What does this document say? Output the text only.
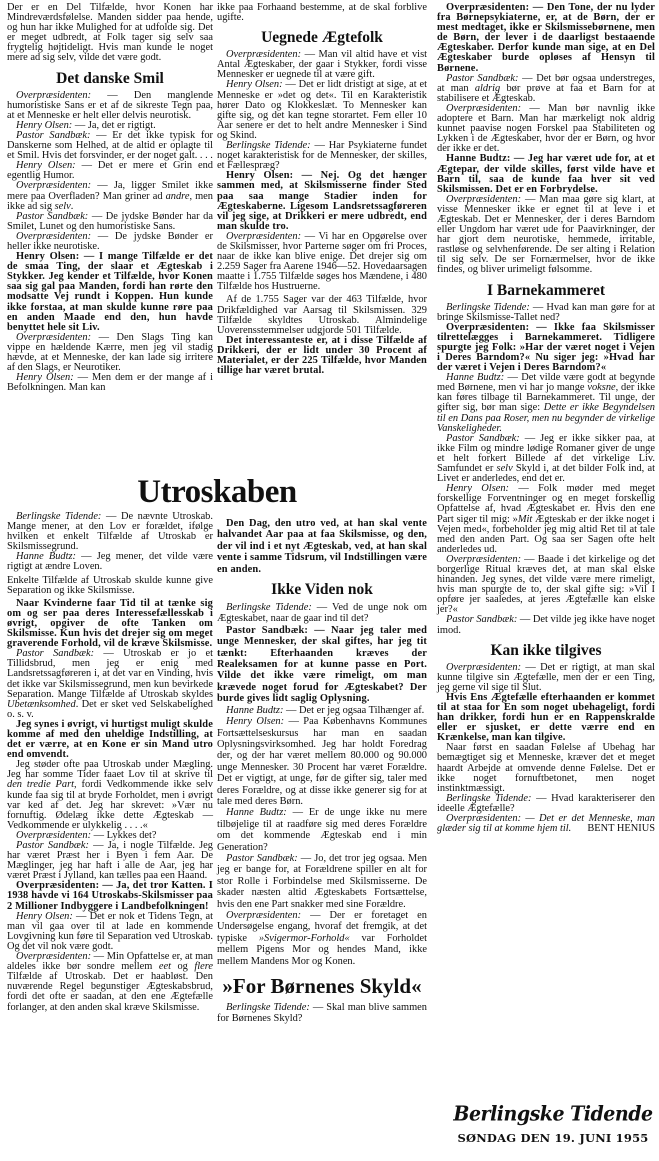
Der er en Del Tilfælde, hvor Konen har Mindreværdsfølelse. Manden sidder paa hende, og hun har ikke Mulighed for at udfolde sig. Det er meget udbredt, at Folk tager sig selv saa frygtelig højtideligt. Hvis man kunde le noget mere ad sig selv, vilde det være godt.

Det danske Smil

Overpræsidenten: — Den manglende humoristiske Sans er et af de sikreste Tegn paa, at et Menneske er helt eller delvis neurotisk.

Henry Olsen: — Ja, det er rigtigt.

Pastor Sandbæk: — Er det ikke typisk for Danskerne som Helhed, at de altid er oplagte til et Smil. Hvis det forsvinder, er der noget galt. . . .

Henry Olsen: — Det er mere et Grin end egentlig Humor.

Overpræsidenten: — Ja, ligger Smilet ikke mere paa Overfladen? Man griner ad andre, men ikke ad sig selv.

Pastor Sandbæk: — De jydske Bønder har da Smilet, Lunet og den humoristiske Sans.

Overpræsidenten: — De jydske Bønder er heller ikke neurotiske.

Henry Olsen: — I mange Tilfælde er det de smaa Ting, der slaar et Ægteskab i Stykker. Jeg kender et Tilfælde, hvor Konen saa sig gal paa Manden, fordi han rørte den modsatte Vej rundt i Koppen. Hun kunde ikke forstaa, at man skulde kunne røre paa en anden Maade end den, hun havde benyttet hele sit Liv.

Overpræsidenten: — Den Slags Ting kan vippe en hældende Kærre, men jeg vil stadig hævde, at et Menneske, der kan lade sig irritere af den Slags, er Neurotiker.

Henry Olsen: — Men dem er der mange af i Befolkningen. Man kan

ikke paa Forhaand bestemme, at de skal forblive ugifte.

Uegnede Ægtefolk

Overpræsidenten: — Man vil altid have et vist Antal Ægteskaber, der gaar i Stykker, fordi visse Mennesker er uegnede til at være gift.

Henry Olsen: — Det er lidt dristigt at sige, at et Menneske er »det og det«. Til en Karakteristik hører Dato og Klokkeslæt. To Mennesker kan gifte sig, og det kan tegne storartet. Fem eller 10 Aar senere er det to helt andre Mennesker i Sind og Skind.

Berlingske Tidende: — Har Psykiaterne fundet noget karakteristisk for de Mennesker, der skilles, et Fællespræg?

Henry Olsen: — Nej. Og det hænger sammen med, at Skilsmisserne finder Sted paa saa mange Stadier inden for Ægteskaberne. Ligesom Landsretssagføreren vil jeg sige, at Drikkeri er mere udbredt, end man skulde tro.

Overpræsidenten: — Vi har en Opgørelse over de Skilsmisser, hvor Parterne søger om fri Proces, naar de ikke kan blive enige. Det drejer sig om 2.259 Sager fra Aarene 1946—52. Hovedaarsagen maatte i 1.755 Tilfælde søges hos Mændene, i 480 Tilfælde hos Hustruerne.

Af de 1.755 Sager var der 463 Tilfælde, hvor Drikfældighed var Aarsag til Skilsmissen. 329 Tilfælde skyldtes Utroskab. Almindelige Uoverensstemmelser udgjorde 501 Tilfælde.

Det interessanteste er, at i disse Tilfælde af Drikkeri, der er lidt under 30 Procent af Materialet, er der 225 Tilfælde, hvor Manden tillige har været brutal.

Utroskaben

Berlingske Tidende: — De nævnte Utroskab. Mange mener, at den Lov er forældet, ifølge hvilken et enkelt Tilfælde af Utroskab er Skilsmissegrund.

Hanne Budtz: — Jeg mener, det vilde være rigtigt at ændre Loven.

Enkelte Tilfælde af Utroskab skulde kunne give Separation og ikke Skilsmisse.

Naar Kvinderne faar Tid til at tænke sig om og ser paa deres Interessefællesskab i øvrigt, opgiver de ofte Tanken om Skilsmisse. Kun hvis det drejer sig om meget graverende Forhold, vil de kræve Skilsmisse.

Pastor Sandbæk: — Utroskab er jo et Tillidsbrud, men jeg er enig med Landsretssagføreren i, at det var en Vinding, hvis det ikke var Skilsmissegrund, men kun bevirkede Separation. Mange Tilfælde af Utroskab skyldes Ubetænksomhed. Det er sket ved Selskabelighed o. s. v.

Jeg synes i øvrigt, vi hurtigst muligt skulde komme af med den uheldige Indstilling, at det er værre, at en Kone er sin Mand utro end omvendt.

Jeg støder ofte paa Utroskab under Mægling. Jeg har somme Tider faaet Lov til at skrive til den tredie Part, fordi Vedkommende ikke selv kunde faa sig til at bryde Forholdet, men i øvrigt var ked af det. Jeg har skrevet: »Vær nu fornuftig. Ødelæg ikke dette Ægteskab — Vedkommende er ulykkelig . . . .«

Overpræsidenten: — Lykkes det?

Pastor Sandbæk: — Ja, i nogle Tilfælde. Jeg har været Præst her i Byen i fem Aar. De Mæglinger, jeg har haft i alle de Aar, jeg har været Præst i Jylland, kan tælles paa een Haand.

Overpræsidenten: — Ja, det tror Katten. I 1938 havde vi 164 Utroskabs-Skilsmisser paa 2 Millioner Indbyggere i Landbefolkningen!

Henry Olsen: — Det er nok et Tidens Tegn, at man vil gaa over til at lade en kommende Lovgivning kun føre til Separation ved Utroskab. Og det vil nok være godt.

Overpræsidenten: — Min Opfattelse er, at man aldeles ikke bør sondre mellem eet og flere Tilfælde af Utroskab. Det er haabløst. Den nuværende Regel begunstiger Ægteskabsbrud, fordi det ofte er saadan, at den ene Ægtefælle forlanger, at den anden skal kræve Skilsmisse.

Den Dag, den utro ved, at han skal vente halvandet Aar paa at faa Skilsmisse, og den, der vil ind i et nyt Ægteskab, ved, at han skal vente i samme Tidsrum, vil Indstillingen være en anden.

Ikke Viden nok

Berlingske Tidende: — Ved de unge nok om Ægteskabet, naar de gaar ind til det?

Pastor Sandbæk: — Naar jeg taler med unge Mennesker, der skal giftes, har jeg tit tænkt: Efterhaanden kræves der Realeksamen for at kunne passe en Port. Vilde det ikke være rimeligt, om man krævede noget forud for Ægteskabet? Der burde gives lidt saglig Oplysning.

Hanne Budtz: — Det er jeg ogsaa Tilhænger af.

Henry Olsen: — Paa Københavns Kommunes Fortsættelseskursus har man en saadan Oplysningsvirksomhed. Jeg har holdt Foredrag der, og der har været mellem 80.000 og 90.000 unge Mennesker. 30 Procent har været Forældre. Det er vigtigt, at unge, før de gifter sig, taler med deres Forældre, og at disse ikke generer sig for at tale med deres Børn.

Hanne Budtz: — Er de unge ikke nu mere tilbøjelige til at raadføre sig med deres Forældre om det kommende Ægteskab end i min Generation?

Pastor Sandbæk: — Jo, det tror jeg ogsaa. Men jeg er bange for, at Forældrene spiller en alt for stor Rolle i Forbindelse med Skilsmisserne. De skader næsten altid Ægteskabets Fortsættelse, hvis den ene Part snakker med sine Forældre.

Overpræsidenten: — Der er foretaget en Undersøgelse engang, hvoraf det fremgik, at det typiske »Svigermor-Forhold« var Forholdet mellem Pigens Mor og hendes Mand, ikke mellem Mandens Mor og Konen.

»For Børnenes Skyld«

Berlingske Tidende: — Skal man blive sammen for Børnenes Skyld?

Overpræsidenten: — Den Tone, der nu lyder fra Børnepsykiaterne, er, at de Børn, der er mest medtaget, ikke er Skilsmissebørnene, men de Børn, der lever i de daarligst bestaaende Ægteskaber. Derfor kunde man sige, at en Del Ægteskaber burde opløses af Hensyn til Børnene.

Pastor Sandbæk: — Det bør ogsaa understreges, at man aldrig bør prøve at faa et Barn for at stabilisere et Ægteskab.

Overpræsidenten: — Man bør navnlig ikke adoptere et Barn. Man har mærkeligt nok aldrig kunnet paavise nogen Forskel paa Stabiliteten og Lykken i de Ægteskaber, hvor der er Børn, og hvor der ikke er det.

Hanne Budtz: — Jeg har været ude for, at et Ægtepar, der vilde skilles, først vilde have et Barn til, saa de kunde faa hver sit ved Skilsmissen. Det er en Forbrydelse.

Overpræsidenten: — Man maa gøre sig klart, at visse Mennesker ikke er egnet til at leve i et Ægteskab. Det er Mennesker, der i deres Barndom eller Ungdom har været ude for Paavirkninger, der har gjort dem neurotiske, hemmede, irritable, rastløse og selvhenførende. De ser alting i Relation til sig selv. De ser Fornærmelser, hvor de ikke findes, og bliver urimeligt følsomme.

I Barnekammeret

Berlingske Tidende: — Hvad kan man gøre for at bringe Skilsmisse-Tallet ned?

Overpræsidenten: — Ikke faa Skilsmisser tilrettelægges i Barnekammeret. Tidligere spurgte jeg Folk: »Har der været noget i Vejen i Deres Barndom?« Nu siger jeg: »Hvad har der været i Vejen i Deres Barndom?«

Hanne Budtz: — Det vilde være godt at begynde med Børnene, men vi har jo mange voksne, der ikke kan føres tilbage til Barnekammeret. Til unge, der gifter sig, bør man sige: Dette er ikke Begyndelsen til en Dans paa Roser, men nu begynder de virkelige Vanskeligheder.

Pastor Sandbæk: — Jeg er ikke sikker paa, at ikke Film og mindre lødige Romaner giver de unge et helt forkert Billede af det virkelige Liv. Samfundet er selv Skyld i, at det bilder Folk ind, at Livet er anderledes, end det er.

Henry Olsen: — Folk møder med meget forskellige Forventninger og en meget forskellig Opfattelse af, hvad Ægteskabet er. Hvis den ene Part siger til mig: »Mit Ægteskab er der ikke noget i Vejen med«, forbeholder jeg mig altid Ret til at tale med den anden Part. Og saa ser Sagen ofte helt anderledes ud.

Overpræsidenten: — Baade i det kirkelige og det borgerlige Ritual kræves det, at man skal elske hinanden. Jeg synes, det vilde være mere rimeligt, hvis man spurgte de to, der skal gifte sig: »Vil I opføre jer saaledes, at jeres Ægtefælle kan elske jer?«

Pastor Sandbæk: — Det vilde jeg ikke have noget imod.

Kan ikke tilgives

Overpræsidenten: — Det er rigtigt, at man skal kunne tilgive sin Ægtefælle, men der er een Ting, jeg gerne vil sige til Slut.

Hvis Ens Ægtefælle efterhaanden er kommet til at staa for En som noget ubehageligt, fordi han drikker, fordi hun er en Rappenskralde eller er sjusket, er dette værre end en Krænkelse, man kan tilgive.

Naar først en saadan Følelse af Ubehag har bemægtiget sig et Menneske, kræver det et meget haardt Arbejde at omvende denne Følelse. Det er ikke noget fornuftbetonet, men noget instinktmæssigt.

Berlingske Tidende: — Hvad karakteriserer den ideelle Ægtefælle?

Overpræsidenten: — Det er det Menneske, man glæder sig til at komme hjem til.	BENT HENIUS

Berlingske Tidende
SØNDAG DEN 19. JUNI 1955
